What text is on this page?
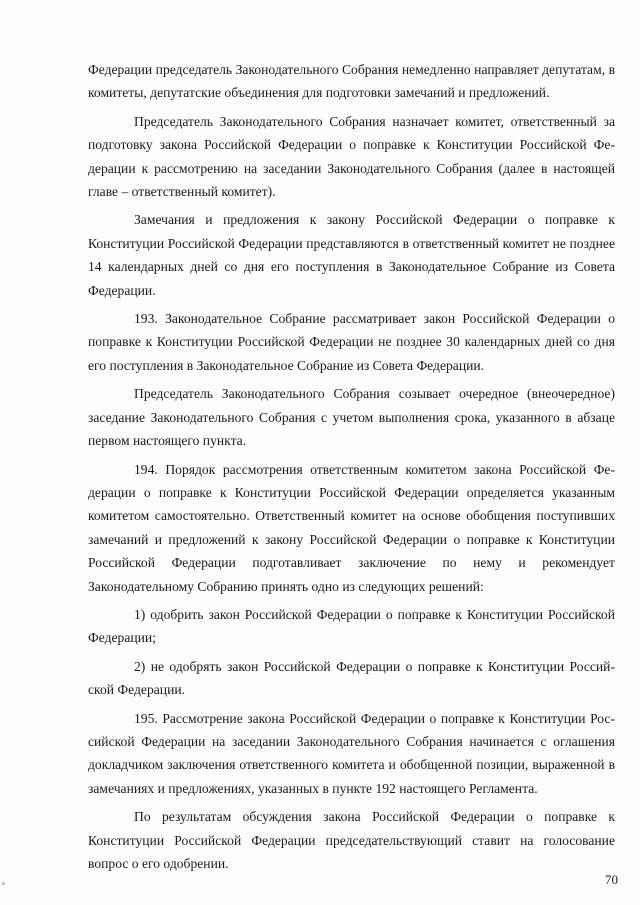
Федерации председатель Законодательного Собрания немедленно направляет депутатам, в комитеты, депутатские объединения для подготовки замечаний и предложений.

Председатель Законодательного Собрания назначает комитет, ответственный за подготовку закона Российской Федерации о поправке к Конституции Российской Федерации к рассмотрению на заседании Законодательного Собрания (далее в настоящей главе – ответственный комитет).

Замечания и предложения к закону Российской Федерации о поправке к Конституции Российской Федерации представляются в ответственный комитет не позднее 14 календарных дней со дня его поступления в Законодательное Собрание из Совета Федерации.

193. Законодательное Собрание рассматривает закон Российской Федерации о поправке к Конституции Российской Федерации не позднее 30 календарных дней со дня его поступления в Законодательное Собрание из Совета Федерации.

Председатель Законодательного Собрания созывает очередное (внеочередное) заседание Законодательного Собрания с учетом выполнения срока, указанного в абзаце первом настоящего пункта.

194. Порядок рассмотрения ответственным комитетом закона Российской Федерации о поправке к Конституции Российской Федерации определяется указанным комитетом самостоятельно. Ответственный комитет на основе обобщения поступивших замечаний и предложений к закону Российской Федерации о поправке к Конституции Российской Федерации подготавливает заключение по нему и рекомендует Законодательному Собранию принять одно из следующих решений:

1) одобрить закон Российской Федерации о поправке к Конституции Российской Федерации;

2) не одобрять закон Российской Федерации о поправке к Конституции Российской Федерации.

195. Рассмотрение закона Российской Федерации о поправке к Конституции Российской Федерации на заседании Законодательного Собрания начинается с оглашения докладчиком заключения ответственного комитета и обобщенной позиции, выраженной в замечаниях и предложениях, указанных в пункте 192 настоящего Регламента.

По результатам обсуждения закона Российской Федерации о поправке к Конституции Российской Федерации председательствующий ставит на голосование вопрос о его одобрении.

70
